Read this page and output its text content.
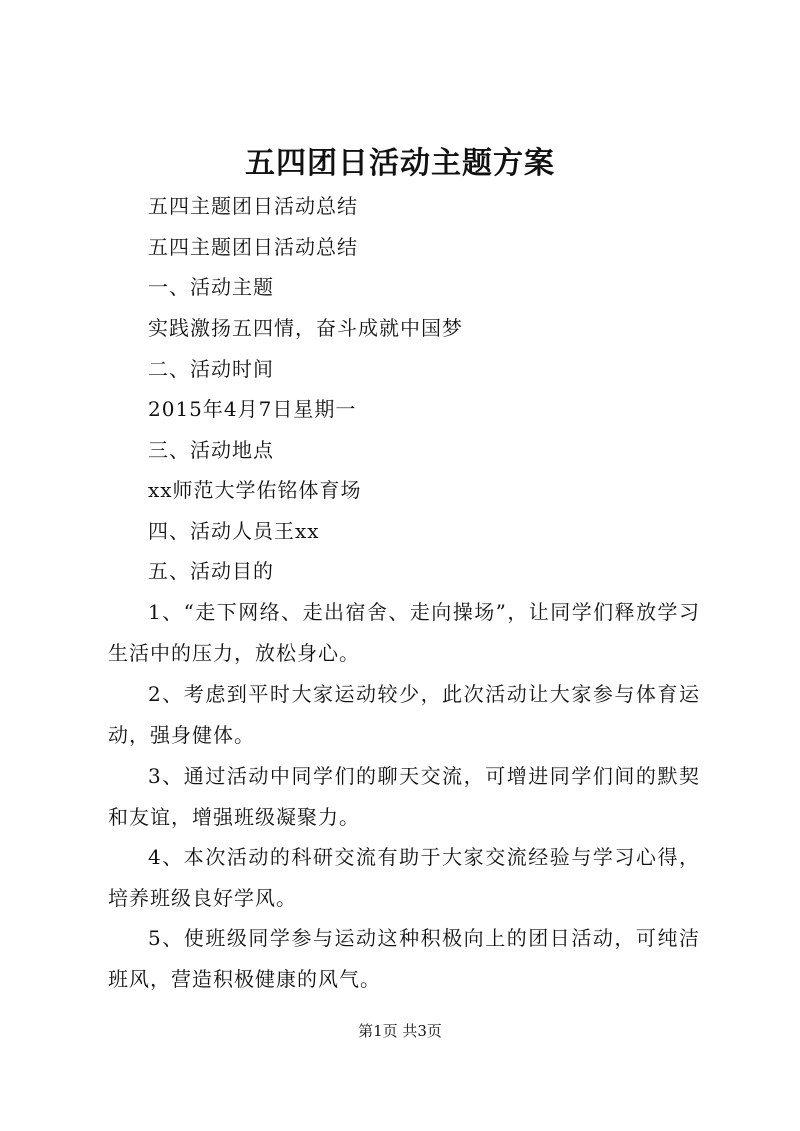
五四团日活动主题方案
五四主题团日活动总结
五四主题团日活动总结
一、活动主题
实践激扬五四情，奋斗成就中国梦
二、活动时间
2015年4月7日星期一
三、活动地点
xx师范大学佑铭体育场
四、活动人员王xx
五、活动目的
1、“走下网络、走出宿舍、走向操场”，让同学们释放学习生活中的压力，放松身心。
2、考虑到平时大家运动较少，此次活动让大家参与体育运动，强身健体。
3、通过活动中同学们的聊天交流，可增进同学们间的默契和友谊，增强班级凝聚力。
4、本次活动的科研交流有助于大家交流经验与学习心得，培养班级良好学风。
5、使班级同学参与运动这种积极向上的团日活动，可纯洁班风，营造积极健康的风气。
第1页 共3页
